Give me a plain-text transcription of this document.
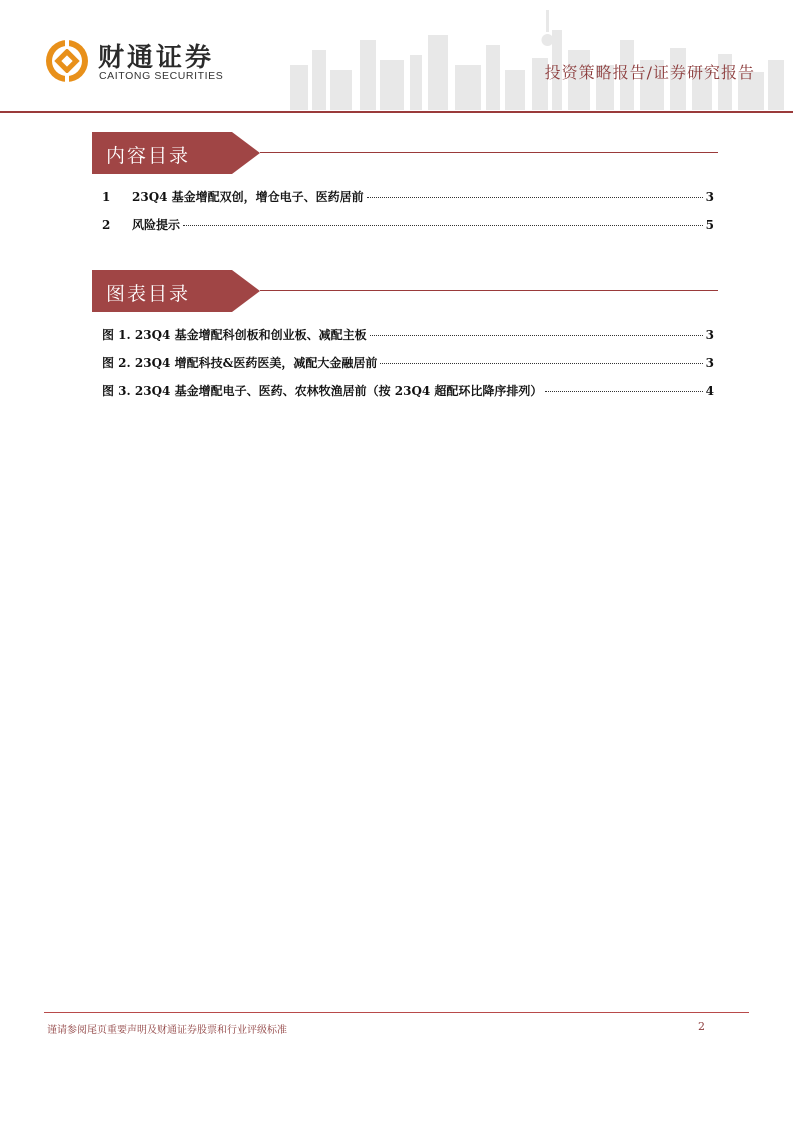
财通证券
CAITONG SECURITIES	投资策略报告/证券研究报告
内容目录
1	23Q4 基金增配双创，增仓电子、医药居前	3
2	风险提示	5
图表目录
图 1. 23Q4 基金增配科创板和创业板、减配主板	3
图 2. 23Q4 增配科技&医药医美，减配大金融居前	3
图 3. 23Q4 基金增配电子、医药、农林牧渔居前（按 23Q4 超配环比降序排列）	4
谨请参阅尾页重要声明及财通证券股票和行业评级标准	2
